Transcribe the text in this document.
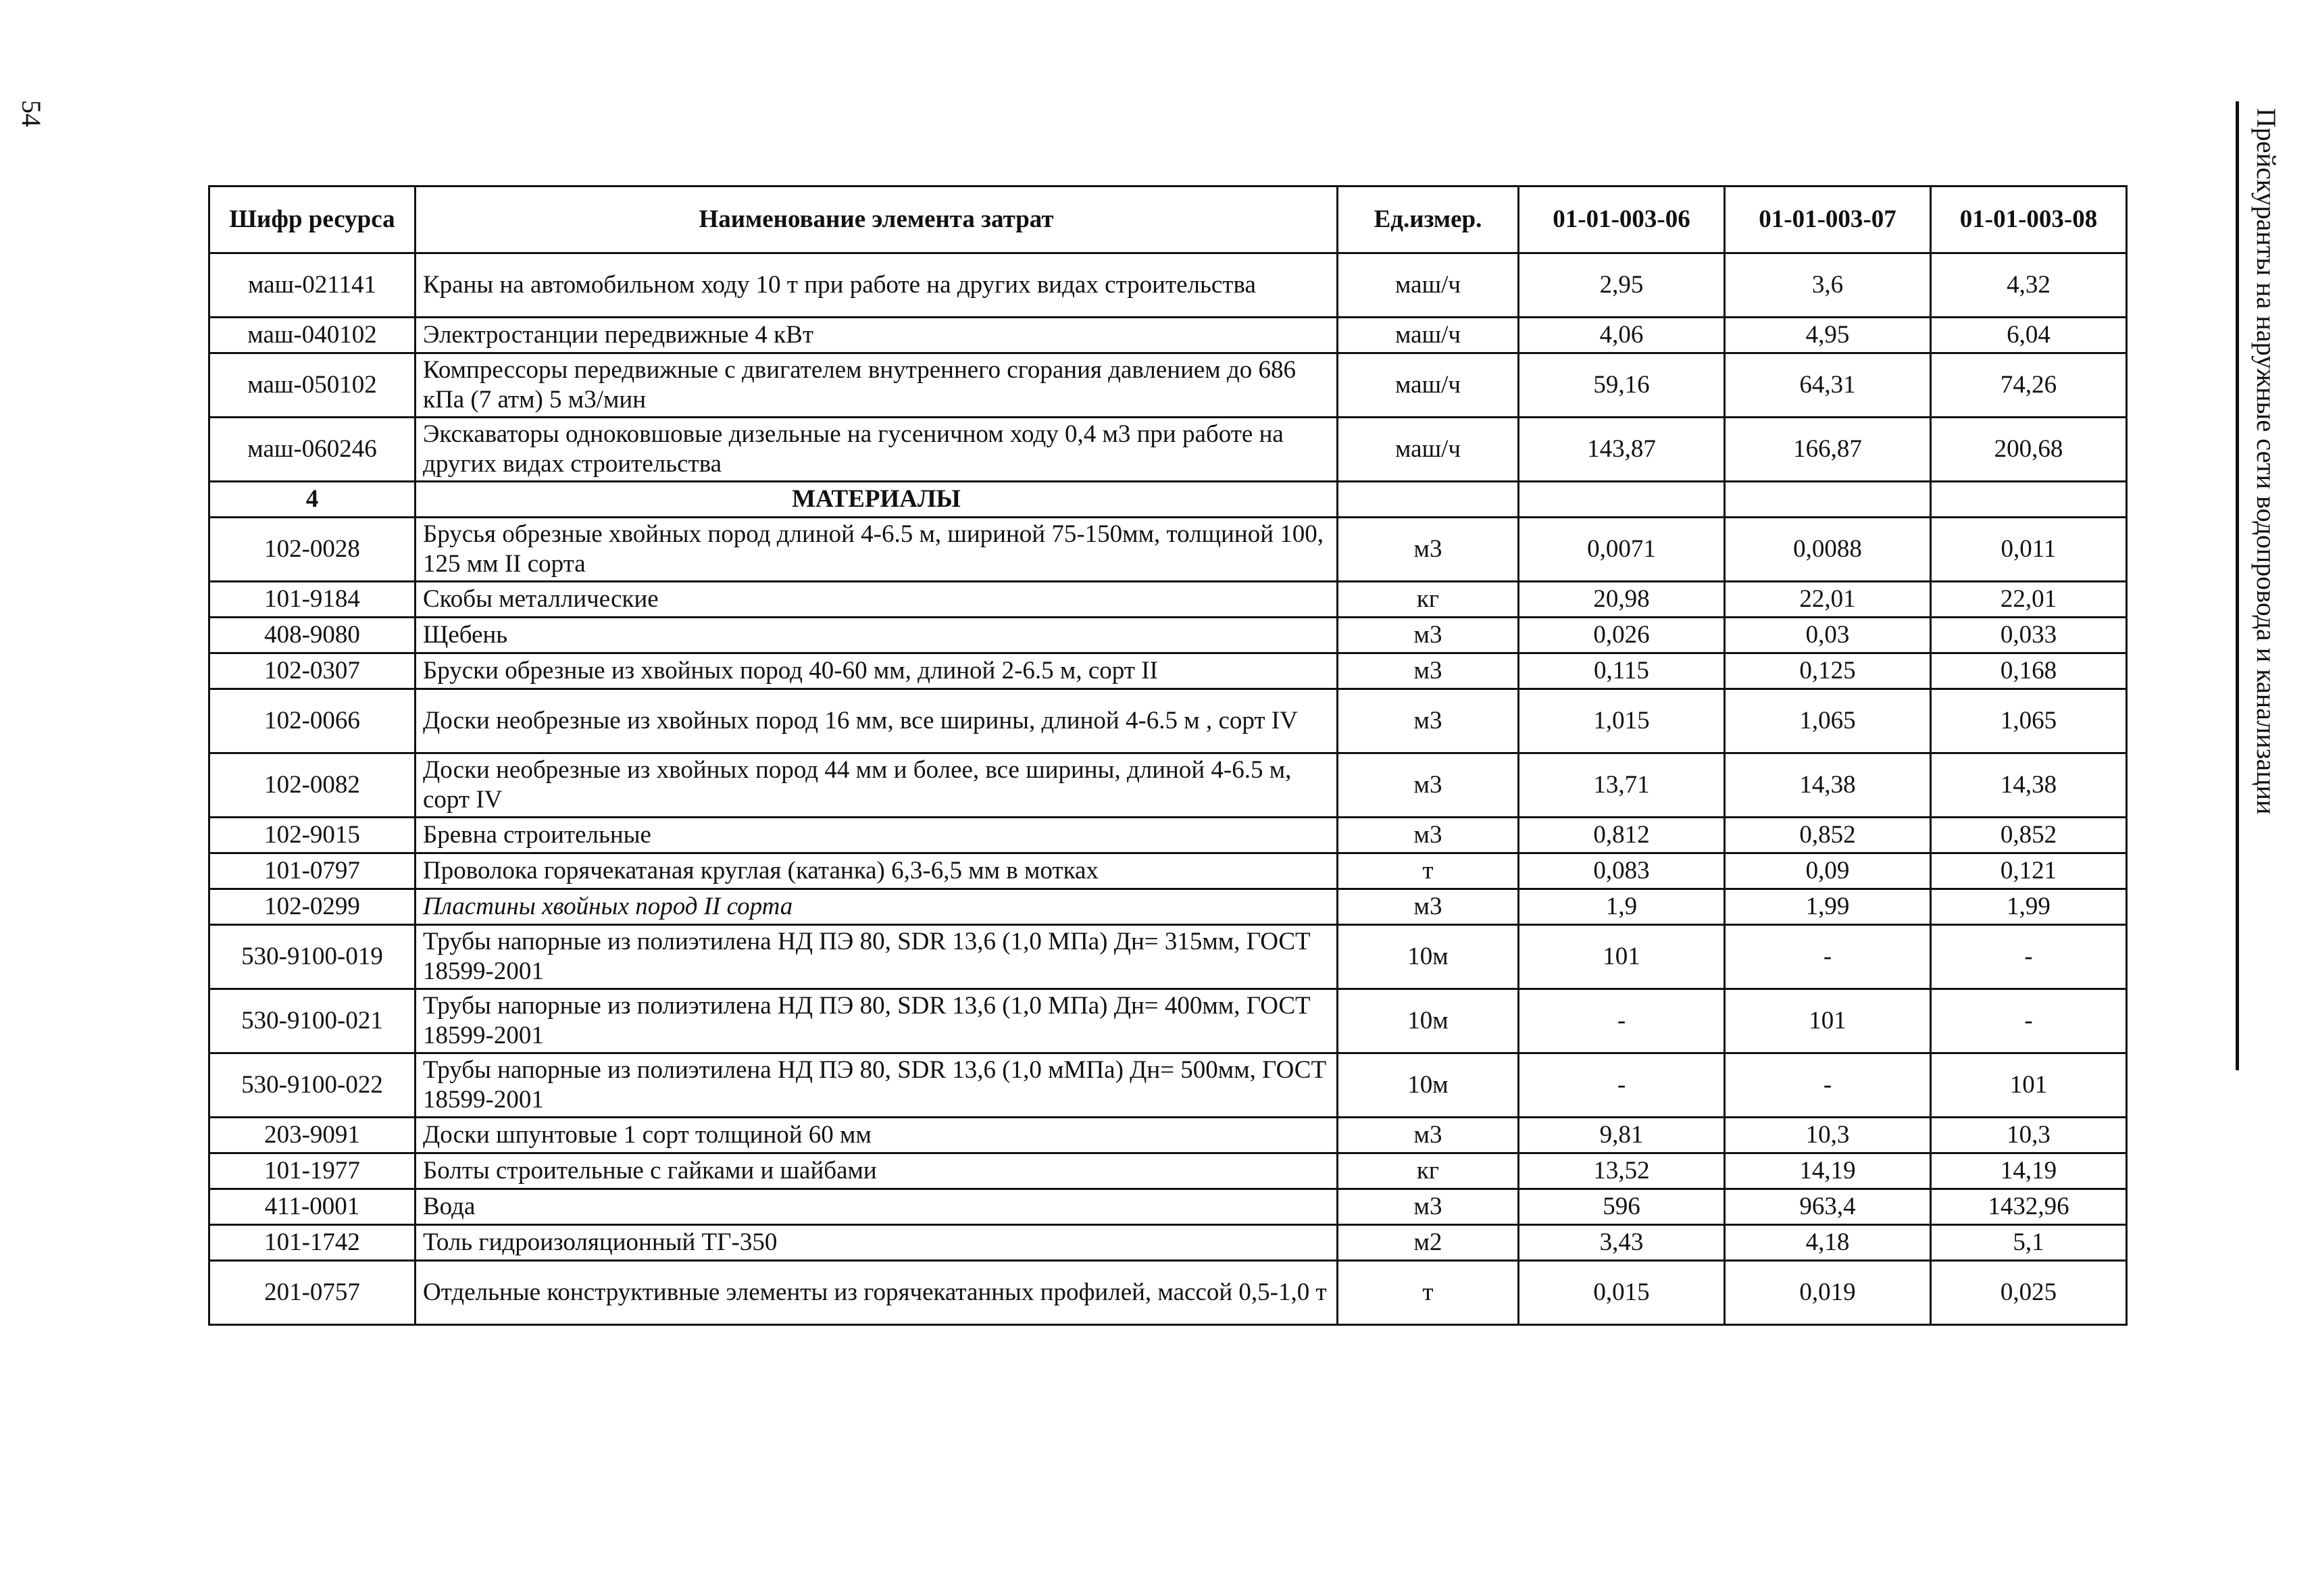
54	Прейскуранты на наружные сети водопровода и канализации
Шифр ресурса	Наименование элемента затрат	Ед.измер.	01-01-003-06	01-01-003-07	01-01-003-08
маш-021141	Краны на автомобильном ходу 10 т при работе на других видах строительства	маш/ч	2,95	3,6	4,32
маш-040102	Электростанции передвижные 4 кВт	маш/ч	4,06	4,95	6,04
маш-050102	Компрессоры передвижные с двигателем внутреннего сгорания давлением до 686 кПа (7 атм) 5 м3/мин	маш/ч	59,16	64,31	74,26
маш-060246	Экскаваторы одноковшовые дизельные на гусеничном ходу 0,4 м3 при работе на других видах строительства	маш/ч	143,87	166,87	200,68
4	МАТЕРИАЛЫ				
102-0028	Брусья обрезные хвойных пород длиной 4-6.5 м, шириной 75-150мм, толщиной 100, 125 мм II сорта	м3	0,0071	0,0088	0,011
101-9184	Скобы металлические	кг	20,98	22,01	22,01
408-9080	Щебень	м3	0,026	0,03	0,033
102-0307	Бруски обрезные из хвойных пород 40-60 мм, длиной 2-6.5 м, сорт II	м3	0,115	0,125	0,168
102-0066	Доски необрезные из хвойных пород 16 мм, все ширины, длиной 4-6.5 м , сорт IV	м3	1,015	1,065	1,065
102-0082	Доски необрезные из хвойных пород 44 мм и более, все ширины, длиной 4-6.5 м, сорт IV	м3	13,71	14,38	14,38
102-9015	Бревна строительные	м3	0,812	0,852	0,852
101-0797	Проволока горячекатаная круглая (катанка) 6,3-6,5 мм в мотках	т	0,083	0,09	0,121
102-0299	Пластины хвойных пород II сорта	м3	1,9	1,99	1,99
530-9100-019	Трубы напорные из полиэтилена НД ПЭ 80, SDR 13,6 (1,0 МПа) Дн= 315мм, ГОСТ 18599-2001	10м	101	-	-
530-9100-021	Трубы напорные из полиэтилена НД ПЭ 80, SDR 13,6 (1,0 МПа) Дн= 400мм, ГОСТ 18599-2001	10м	-	101	-
530-9100-022	Трубы напорные из полиэтилена НД ПЭ 80, SDR 13,6 (1,0 мМПа) Дн= 500мм, ГОСТ 18599-2001	10м	-	-	101
203-9091	Доски шпунтовые 1 сорт толщиной 60 мм	м3	9,81	10,3	10,3
101-1977	Болты строительные с гайками и шайбами	кг	13,52	14,19	14,19
411-0001	Вода	м3	596	963,4	1432,96
101-1742	Толь гидроизоляционный ТГ-350	м2	3,43	4,18	5,1
201-0757	Отдельные конструктивные элементы из горячекатанных профилей, массой 0,5-1,0 т	т	0,015	0,019	0,025
